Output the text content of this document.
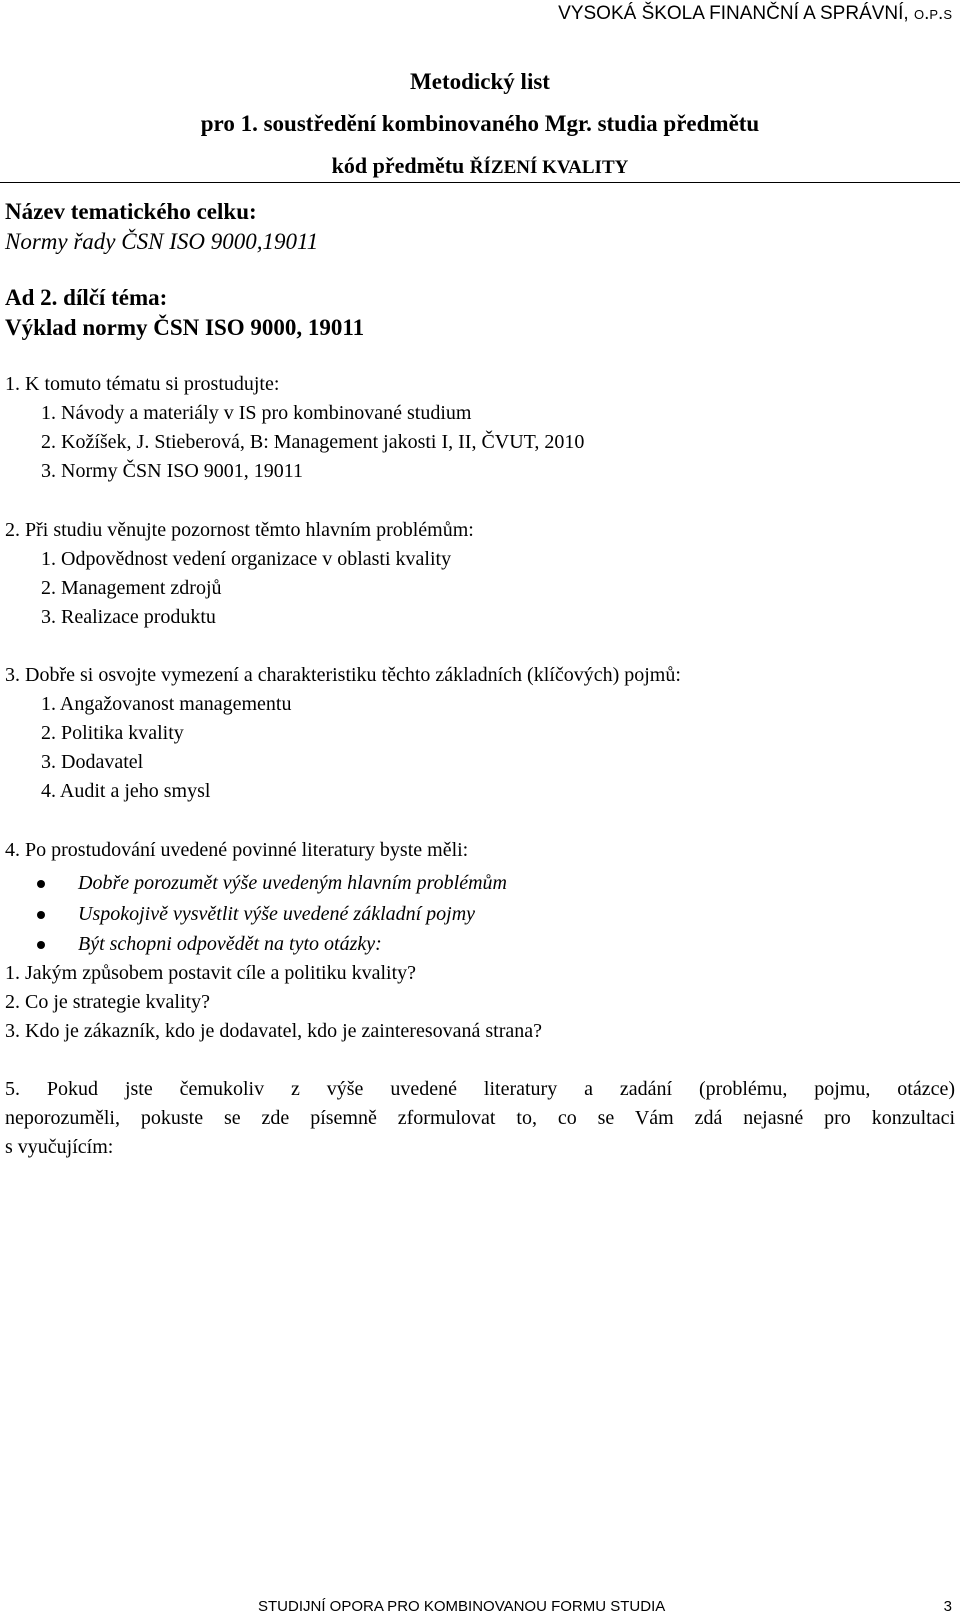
VYSOKÁ ŠKOLA FINANČNÍ A SPRÁVNÍ, o.p.s
Metodický list
pro 1. soustředění kombinovaného Mgr. studia předmětu
kód předmětu ŘÍZENÍ KVALITY
Název tematického celku:
Normy řady ČSN ISO 9000,19011
Ad 2. dílčí téma:
Výklad normy ČSN ISO 9000, 19011
1. K tomuto tématu si prostudujte:
1. Návody a materiály v IS pro kombinované studium
2. Kožíšek, J. Stieberová, B: Management jakosti I, II, ČVUT, 2010
3. Normy ČSN ISO 9001, 19011
2. Při studiu věnujte pozornost těmto hlavním problémům:
1. Odpovědnost vedení organizace v oblasti kvality
2. Management zdrojů
3. Realizace produktu
3. Dobře si osvojte vymezení a charakteristiku těchto základních (klíčových) pojmů:
1. Angažovanost managementu
2. Politika kvality
3. Dodavatel
4. Audit a jeho smysl
4. Po prostudování uvedené povinné literatury byste měli:
Dobře porozumět výše uvedeným hlavním problémům
Uspokojivě vysvětlit výše uvedené základní pojmy
Být schopni odpovědět na tyto otázky:
1. Jakým způsobem postavit cíle a politiku kvality?
2. Co je strategie kvality?
3. Kdo je zákazník, kdo je dodavatel, kdo je zainteresovaná strana?
5. Pokud jste čemukoliv z výše uvedené literatury a zadání (problému, pojmu, otázce)
neporozuměli, pokuste se zde písemně zformulovat to, co se Vám zdá nejasné pro konzultaci
s vyučujícím:
STUDIJNÍ OPORA PRO KOMBINOVANOU FORMU STUDIA	3
